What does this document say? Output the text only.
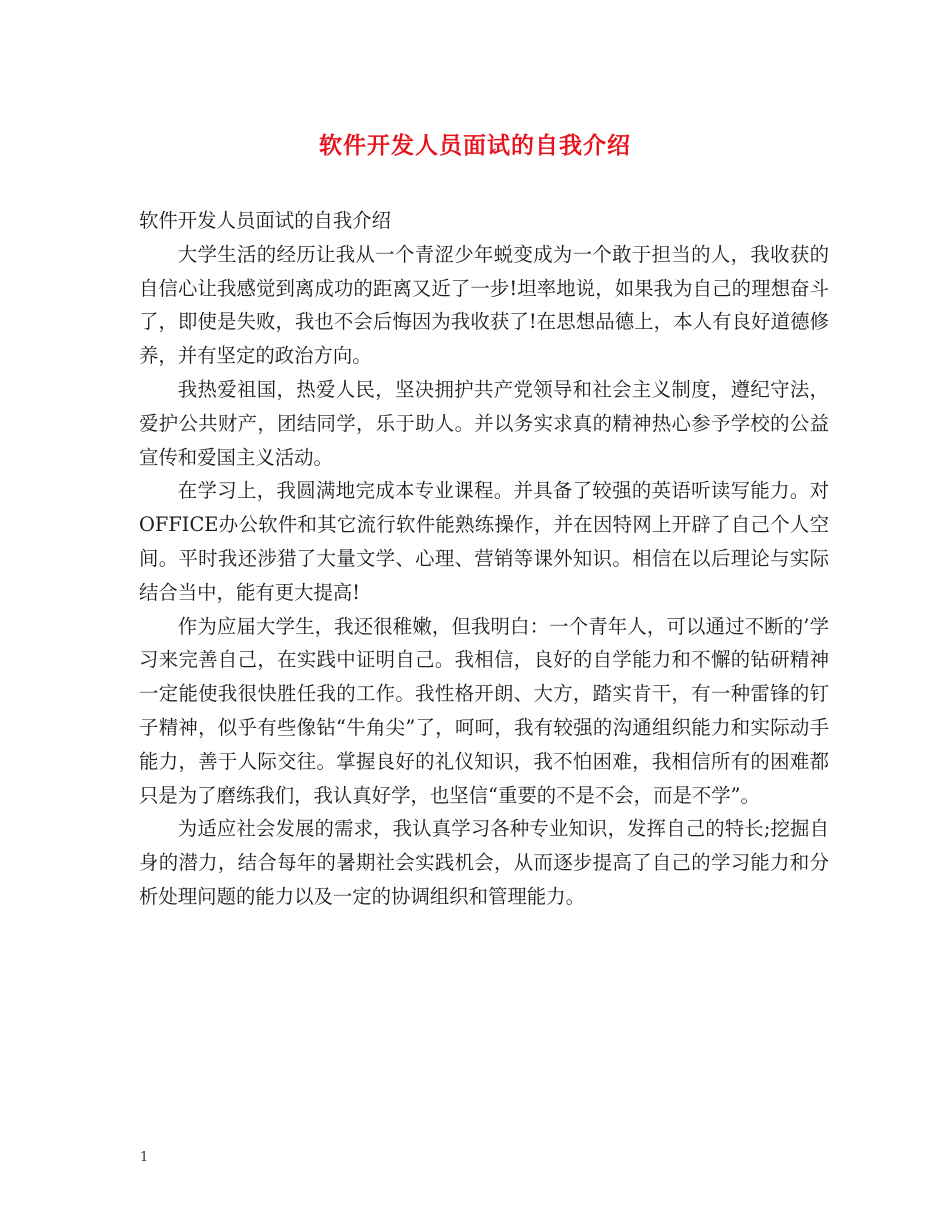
软件开发人员面试的自我介绍

软件开发人员面试的自我介绍

大学生活的经历让我从一个青涩少年蜕变成为一个敢于担当的人，我收获的自信心让我感觉到离成功的距离又近了一步!坦率地说，如果我为自己的理想奋斗了，即使是失败，我也不会后悔因为我收获了!在思想品德上，本人有良好道德修养，并有坚定的政治方向。

我热爱祖国，热爱人民，坚决拥护共产党领导和社会主义制度，遵纪守法，爱护公共财产，团结同学，乐于助人。并以务实求真的精神热心参予学校的公益宣传和爱国主义活动。

在学习上，我圆满地完成本专业课程。并具备了较强的英语听读写能力。对OFFICE办公软件和其它流行软件能熟练操作，并在因特网上开辟了自己个人空间。平时我还涉猎了大量文学、心理、营销等课外知识。相信在以后理论与实际结合当中，能有更大提高!

作为应届大学生，我还很稚嫩，但我明白：一个青年人，可以通过不断的’学习来完善自己，在实践中证明自己。我相信，良好的自学能力和不懈的钻研精神一定能使我很快胜任我的工作。我性格开朗、大方，踏实肯干，有一种雷锋的钉子精神，似乎有些像钻“牛角尖”了，呵呵，我有较强的沟通组织能力和实际动手能力，善于人际交往。掌握良好的礼仪知识，我不怕困难，我相信所有的困难都只是为了磨练我们，我认真好学，也坚信“重要的不是不会，而是不学”。

为适应社会发展的需求，我认真学习各种专业知识，发挥自己的特长;挖掘自身的潜力，结合每年的暑期社会实践机会，从而逐步提高了自己的学习能力和分析处理问题的能力以及一定的协调组织和管理能力。

1
